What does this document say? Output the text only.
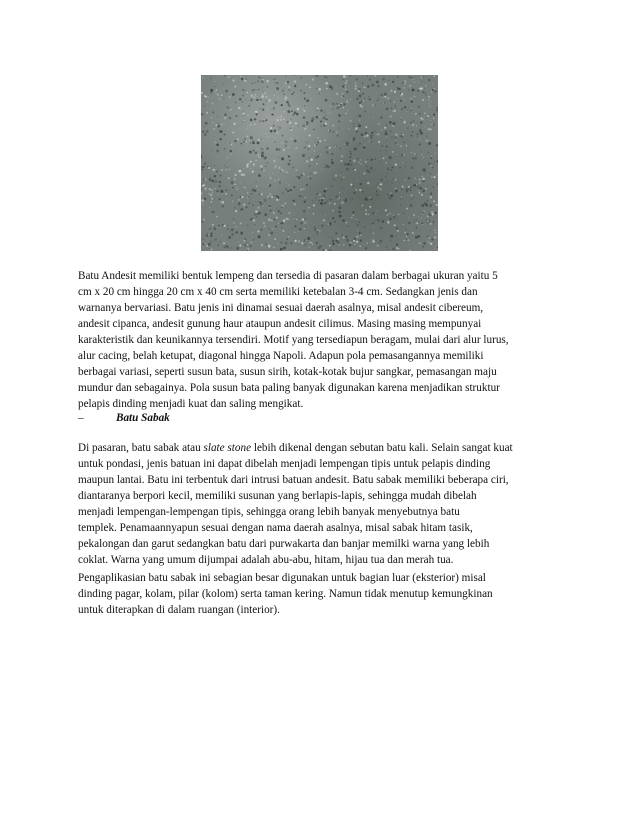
Batu Andesit memiliki bentuk lempeng dan tersedia di pasaran dalam berbagai ukuran yaitu 5
cm x 20 cm hingga 20 cm x 40 cm serta memiliki ketebalan 3-4 cm. Sedangkan jenis dan
warnanya bervariasi. Batu jenis ini dinamai sesuai daerah asalnya, misal andesit cibereum,
andesit cipanca, andesit gunung haur ataupun andesit cilimus. Masing masing mempunyai
karakteristik dan keunikannya tersendiri. Motif yang tersediapun beragam, mulai dari alur lurus,
alur cacing, belah ketupat, diagonal hingga Napoli. Adapun pola pemasangannya memiliki
berbagai variasi, seperti susun bata, susun sirih, kotak-kotak bujur sangkar, pemasangan maju
mundur dan sebagainya. Pola susun bata paling banyak digunakan karena menjadikan struktur
pelapis dinding menjadi kuat dan saling mengikat.
–	Batu Sabak
Di pasaran, batu sabak atau slate stone lebih dikenal dengan sebutan batu kali. Selain sangat kuat
untuk pondasi, jenis batuan ini dapat dibelah menjadi lempengan tipis untuk pelapis dinding
maupun lantai. Batu ini terbentuk dari intrusi batuan andesit. Batu sabak memiliki beberapa ciri,
diantaranya berpori kecil, memiliki susunan yang berlapis-lapis, sehingga mudah dibelah
menjadi lempengan-lempengan tipis, sehingga orang lebih banyak menyebutnya batu
templek. Penamaannyapun sesuai dengan nama daerah asalnya, misal sabak hitam tasik,
pekalongan dan garut sedangkan batu dari purwakarta dan banjar memilki warna yang lebih
coklat. Warna yang umum dijumpai adalah abu-abu, hitam, hijau tua dan merah tua.
Pengaplikasian batu sabak ini sebagian besar digunakan untuk bagian luar (eksterior) misal
dinding pagar, kolam, pilar (kolom) serta taman kering. Namun tidak menutup kemungkinan
untuk diterapkan di dalam ruangan (interior).
